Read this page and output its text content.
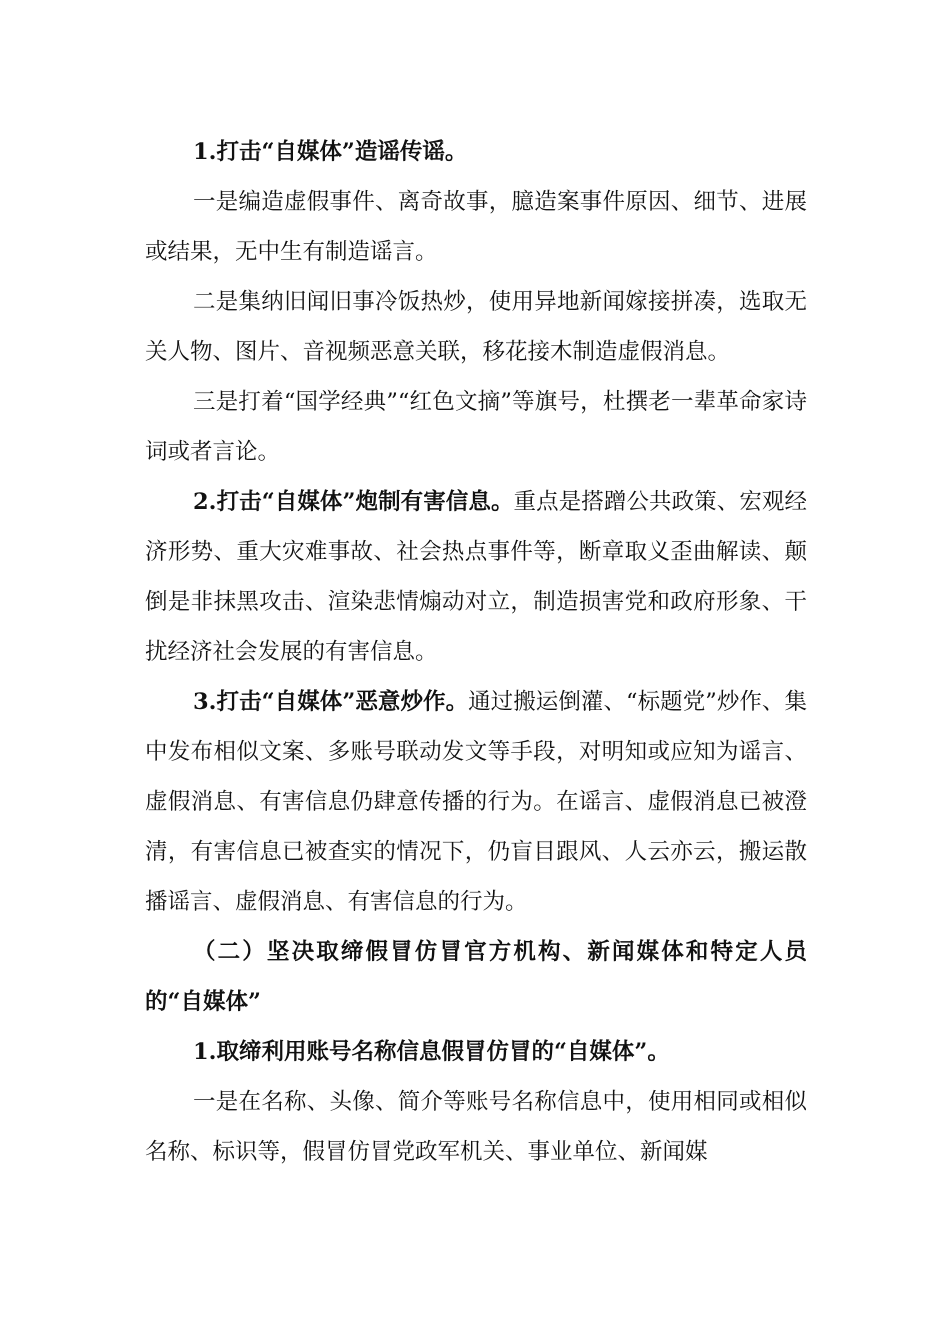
1.打击“自媒体”造谣传谣。

一是编造虚假事件、离奇故事，臆造案事件原因、细节、进展或结果，无中生有制造谣言。

二是集纳旧闻旧事冷饭热炒，使用异地新闻嫁接拼凑，选取无关人物、图片、音视频恶意关联，移花接木制造虚假消息。

三是打着“国学经典”“红色文摘”等旗号，杜撰老一辈革命家诗词或者言论。

2.打击“自媒体”炮制有害信息。重点是搭蹭公共政策、宏观经济形势、重大灾难事故、社会热点事件等，断章取义歪曲解读、颠倒是非抹黑攻击、渲染悲情煽动对立，制造损害党和政府形象、干扰经济社会发展的有害信息。

3.打击“自媒体”恶意炒作。通过搬运倒灌、“标题党”炒作、集中发布相似文案、多账号联动发文等手段，对明知或应知为谣言、虚假消息、有害信息仍肆意传播的行为。在谣言、虚假消息已被澄清，有害信息已被查实的情况下，仍盲目跟风、人云亦云，搬运散播谣言、虚假消息、有害信息的行为。

（二）坚决取缔假冒仿冒官方机构、新闻媒体和特定人员的“自媒体”

1.取缔利用账号名称信息假冒仿冒的“自媒体”。

一是在名称、头像、简介等账号名称信息中，使用相同或相似名称、标识等，假冒仿冒党政军机关、事业单位、新闻媒
